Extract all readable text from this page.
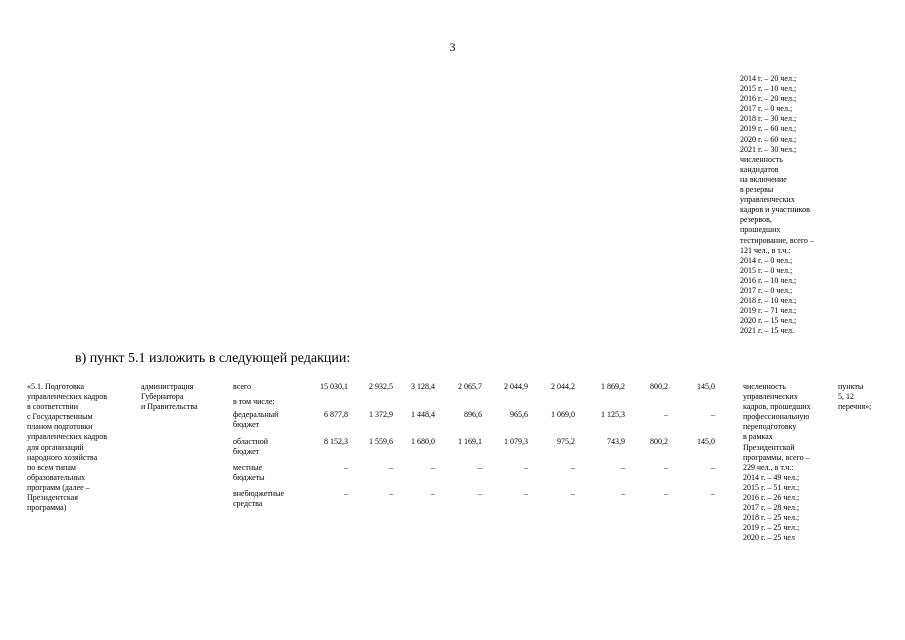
3
2014 г. – 20 чел.;
2015 г. – 10 чел.;
2016 г. – 20 чел.;
2017 г. – 0 чел.;
2018 г. – 30 чел.;
2019 г. – 60 чел.;
2020 г. – 60 чел.;
2021 г. – 30 чел.;
численность
кандидатов
на включение
в резервы
управленческих
кадров и участников
резервов,
прошедших
тестирование, всего –
121 чел., в т.ч.:
2014 г. – 0 чел.;
2015 г. – 0 чел.;
2016 г. – 10 чел.;
2017 г. – 0 чел.;
2018 г. – 10 чел.;
2019 г. – 71 чел.;
2020 г. – 15 чел.;
2021 г. – 15 чел.
в) пункт 5.1 изложить в следующей редакции:
«5.1. Подготовка
управленческих кадров
в соответствии
с Государственным
планом подготовки
управленческих кадров
для организаций
народного хозяйства
по всем типам
образовательных
программ (далее –
Президентская
программа)
администрация
Губернатора
и Правительства
всего	15 030,1	2 932,5	3 128,4	2 065,7	2 044,9	2 044,2	1 869,2	800,2	145,0
в том числе:
федеральный
бюджет
6 877,8	1 372,9	1 448,4	896,6	965,6	1 069,0	1 125,3	–	–
областной
бюджет
8 152,3	1 559,6	1 680,0	1 169,1	1 079,3	975,2	743,9	800,2	145,0
местные
бюджеты
–	–	–	–	–	–	–	–	–
внебюджетные
средства
–	–	–	–	–	–	–	–	–
численность
управленческих
кадров, прошедших
профессиональную
переподготовку
в рамках
Президентской
программы, всего –
229 чел., в т.ч.:
2014 г. – 49 чел.;
2015 г. – 51 чел.;
2016 г. – 26 чел.;
2017 г. – 28 чел.;
2018 г. – 25 чел.;
2019 г. – 25 чел.;
2020 г. – 25 чел
пункты
5, 12
перечня»;
